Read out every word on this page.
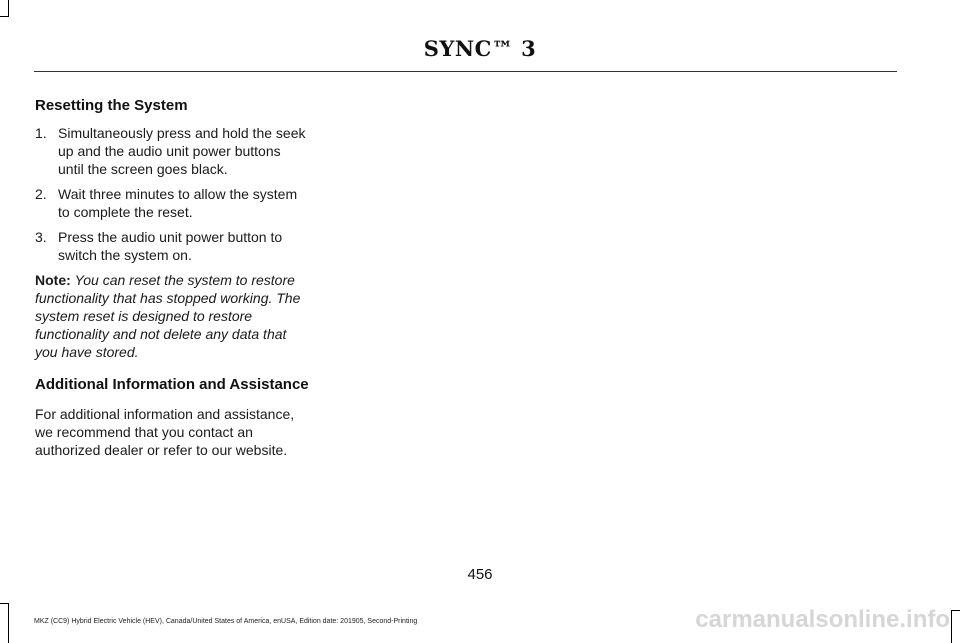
SYNC™ 3
Resetting the System
1. Simultaneously press and hold the seek up and the audio unit power buttons until the screen goes black.
2. Wait three minutes to allow the system to complete the reset.
3. Press the audio unit power button to switch the system on.

Note: You can reset the system to restore functionality that has stopped working. The system reset is designed to restore functionality and not delete any data that you have stored.

Additional Information and Assistance

For additional information and assistance, we recommend that you contact an authorized dealer or refer to our website.

456
MKZ (CC9) Hybrid Electric Vehicle (HEV), Canada/United States of America, enUSA, Edition date: 201905, Second-Printing	carmanualsonline.info
